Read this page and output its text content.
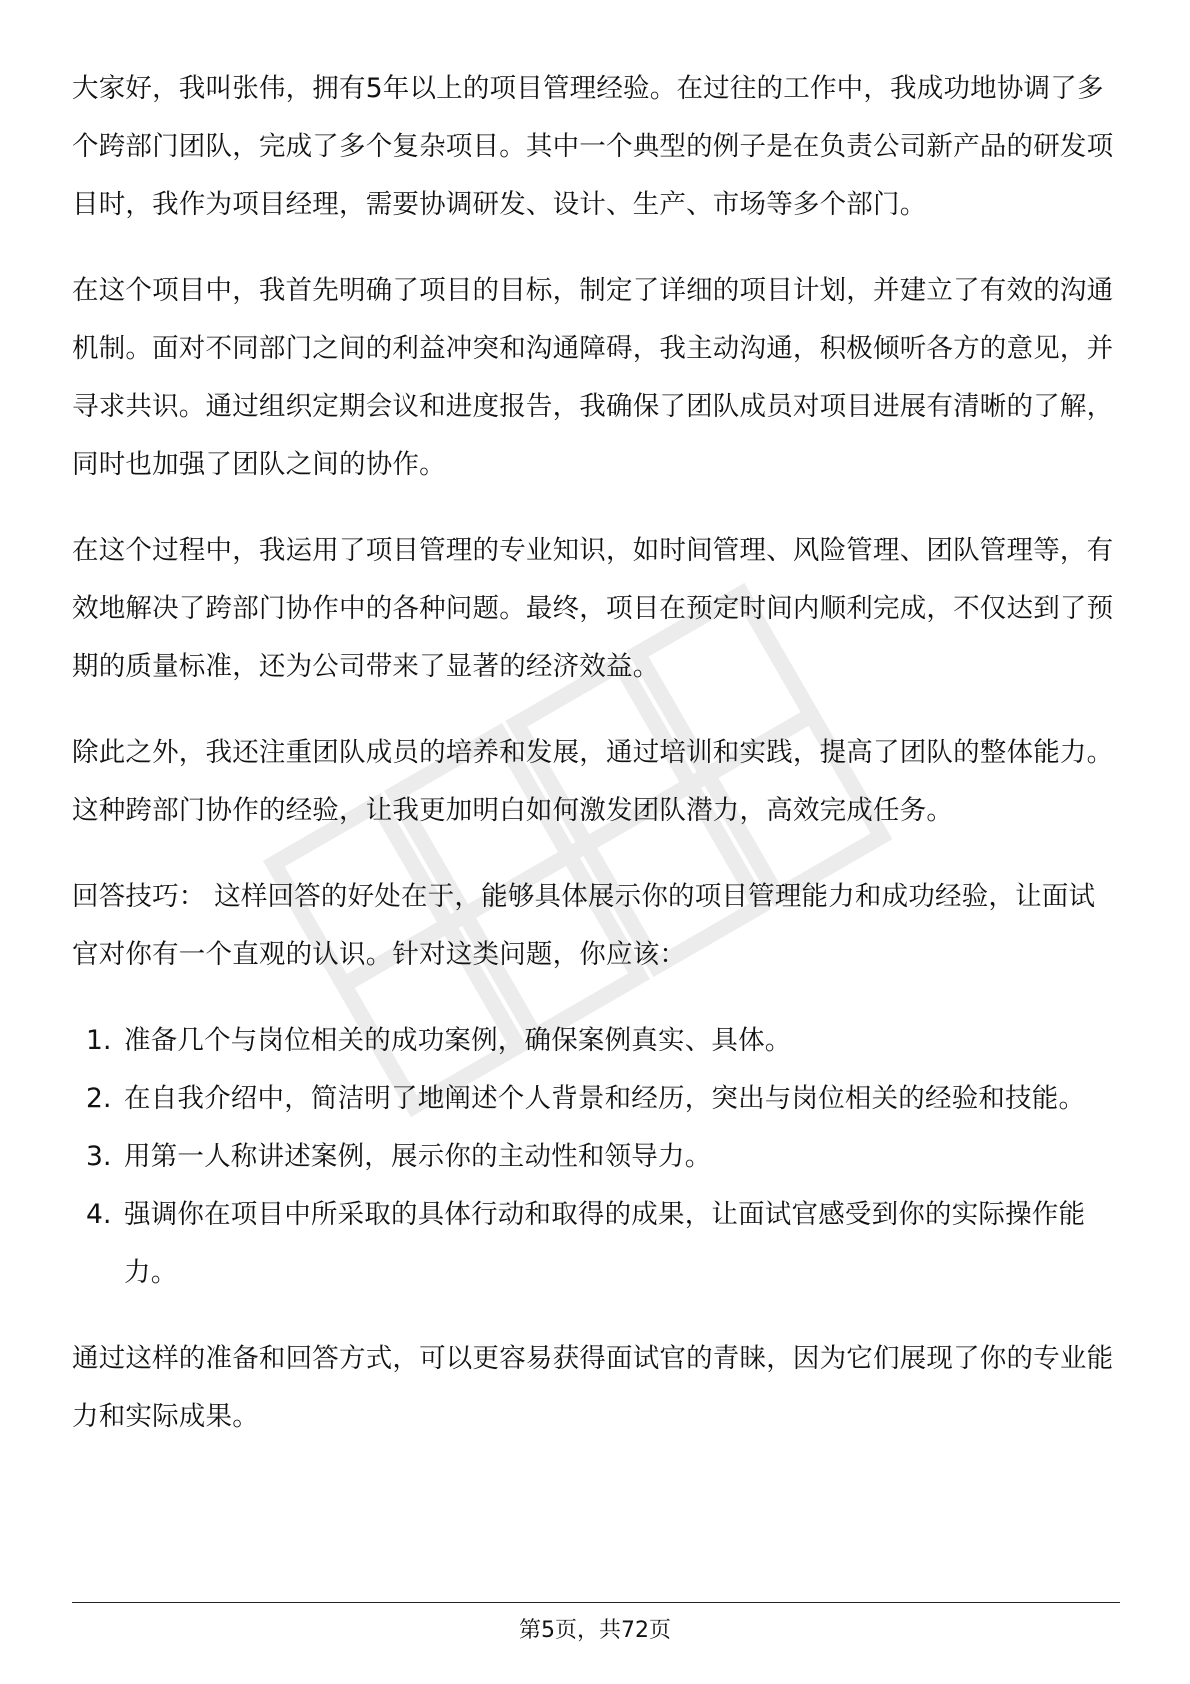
大家好，我叫张伟，拥有5年以上的项目管理经验。在过往的工作中，我成功地协调了多个跨部门团队，完成了多个复杂项目。其中一个典型的例子是在负责公司新产品的研发项目时，我作为项目经理，需要协调研发、设计、生产、市场等多个部门。

在这个项目中，我首先明确了项目的目标，制定了详细的项目计划，并建立了有效的沟通机制。面对不同部门之间的利益冲突和沟通障碍，我主动沟通，积极倾听各方的意见，并寻求共识。通过组织定期会议和进度报告，我确保了团队成员对项目进展有清晰的了解，同时也加强了团队之间的协作。

在这个过程中，我运用了项目管理的专业知识，如时间管理、风险管理、团队管理等，有效地解决了跨部门协作中的各种问题。最终，项目在预定时间内顺利完成，不仅达到了预期的质量标准，还为公司带来了显著的经济效益。

除此之外，我还注重团队成员的培养和发展，通过培训和实践，提高了团队的整体能力。这种跨部门协作的经验，让我更加明白如何激发团队潜力，高效完成任务。

回答技巧： 这样回答的好处在于，能够具体展示你的项目管理能力和成功经验，让面试官对你有一个直观的认识。针对这类问题，你应该：

1. 准备几个与岗位相关的成功案例，确保案例真实、具体。
2. 在自我介绍中，简洁明了地阐述个人背景和经历，突出与岗位相关的经验和技能。
3. 用第一人称讲述案例，展示你的主动性和领导力。
4. 强调你在项目中所采取的具体行动和取得的成果，让面试官感受到你的实际操作能力。

通过这样的准备和回答方式，可以更容易获得面试官的青睐，因为它们展现了你的专业能力和实际成果。

第5页，共72页
